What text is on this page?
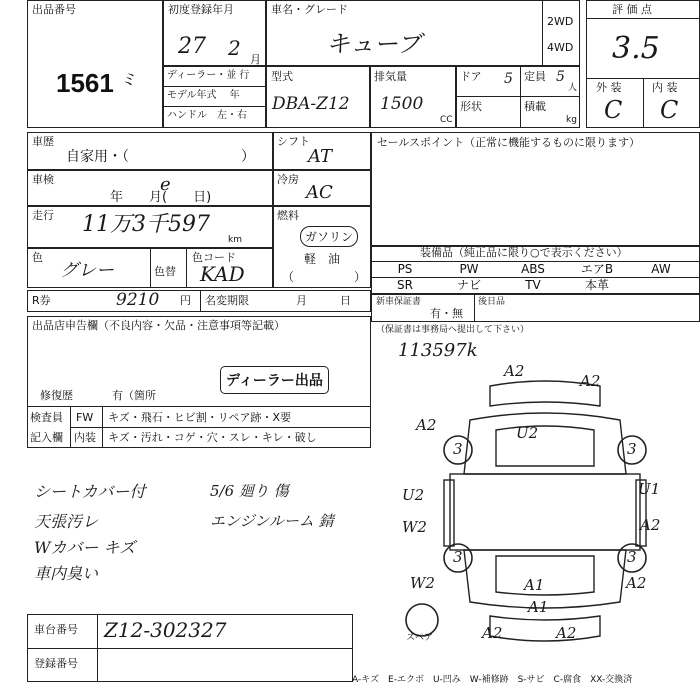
出品番号
1561 ミ
初度登録年月
27 2 月
車名・グレード
キューブ
2WD
4WD
評 価 点
3.5
外 装	内 装
C C
ディーラー・並 行
モデル年式　 年
ハンドル　左・右
型式
DBA-Z12
排気量
1500
CC
ドア 5 定員 5
人
形状	積載
kg
車歴
自家用・（　　　　　　　　）
車検
年　　月(　　日)
e
走行 11万3千597
km
色
グレー	色替
色コード
KAD
シフト
AT
冷房
AC
燃料
ガソリン
軽　油
（　　　　　）
セールスポイント（正常に機能するものに限ります）
装備品（純正品に限り○で表示ください）
PS	PW	ABS	エアB	AW
SR	ナビ	TV	本革
R券	9210 円 名変期限	月　　　日	新車保証書
有・無
後日品
出品店申告欄（不良内容・欠品・注意事項等記載）
修復歴	有（箇所
ディーラー出品
検査員
記入欄
FW キズ・飛石・ヒビ割・リペア跡・X要
内装 キズ・汚れ・コゲ・穴・スレ・キレ・破し
シートカバー付
天張汚レ
Wカバー キズ
車内臭い
5/6 廻り 傷
エンジンルーム 錆
車台番号 Z12-302327
登録番号
（保証書は事務局へ提出して下さい）
113597k
3	3
3	3
スペア
A2
A2
U2
A2
U2	U1
W2	A2
W2	A2
A1
A1
A2	A2
A-キズ　E-エクボ　U-凹み　W-補修跡　S-サビ　C-腐食　XX-交換済
